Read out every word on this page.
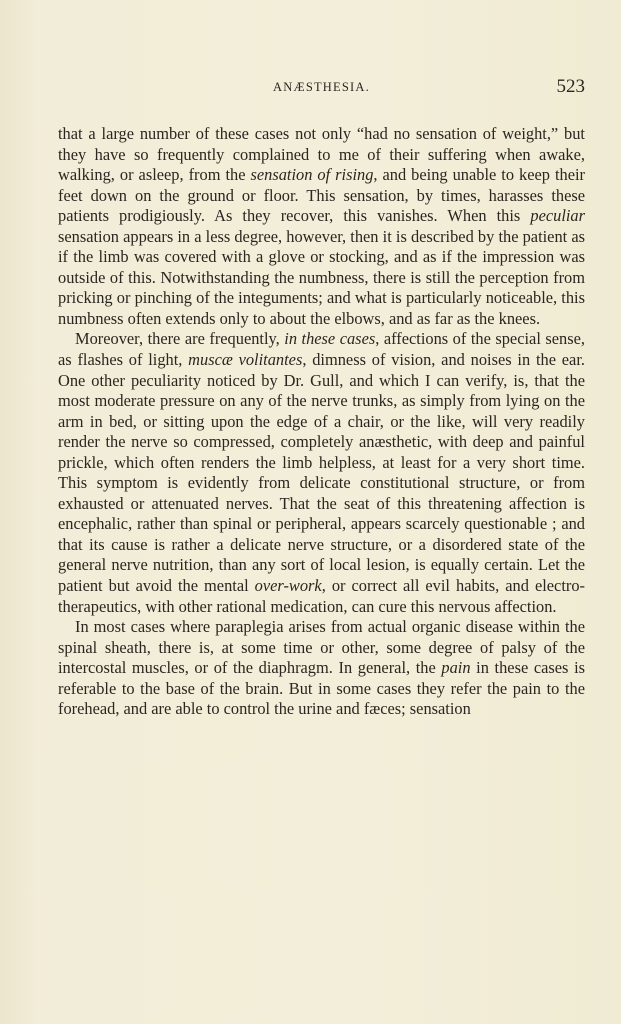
ANÆSTHESIA.	523

that a large number of these cases not only “had no sensation of weight,” but they have so frequently complained to me of their suffering when awake, walking, or asleep, from the sensation of rising, and being unable to keep their feet down on the ground or floor. This sensation, by times, harasses these patients prodigiously. As they recover, this vanishes. When this peculiar sensation appears in a less degree, however, then it is described by the patient as if the limb was covered with a glove or stocking, and as if the impression was outside of this. Notwithstanding the numbness, there is still the perception from pricking or pinching of the integuments; and what is particularly noticeable, this numbness often extends only to about the elbows, and as far as the knees.

Moreover, there are frequently, in these cases, affections of the special sense, as flashes of light, muscæ volitantes, dimness of vision, and noises in the ear. One other peculiarity noticed by Dr. Gull, and which I can verify, is, that the most moderate pressure on any of the nerve trunks, as simply from lying on the arm in bed, or sitting upon the edge of a chair, or the like, will very readily render the nerve so compressed, completely anæsthetic, with deep and painful prickle, which often renders the limb helpless, at least for a very short time. This symptom is evidently from delicate constitutional structure, or from exhausted or attenuated nerves. That the seat of this threatening affection is encephalic, rather than spinal or peripheral, appears scarcely questionable ; and that its cause is rather a delicate nerve structure, or a disordered state of the general nerve nutrition, than any sort of local lesion, is equally certain. Let the patient but avoid the mental over-work, or correct all evil habits, and electro-therapeutics, with other rational medication, can cure this nervous affection.

In most cases where paraplegia arises from actual organic disease within the spinal sheath, there is, at some time or other, some degree of palsy of the intercostal muscles, or of the diaphragm. In general, the pain in these cases is referable to the base of the brain. But in some cases they refer the pain to the forehead, and are able to control the urine and fæces; sensation
